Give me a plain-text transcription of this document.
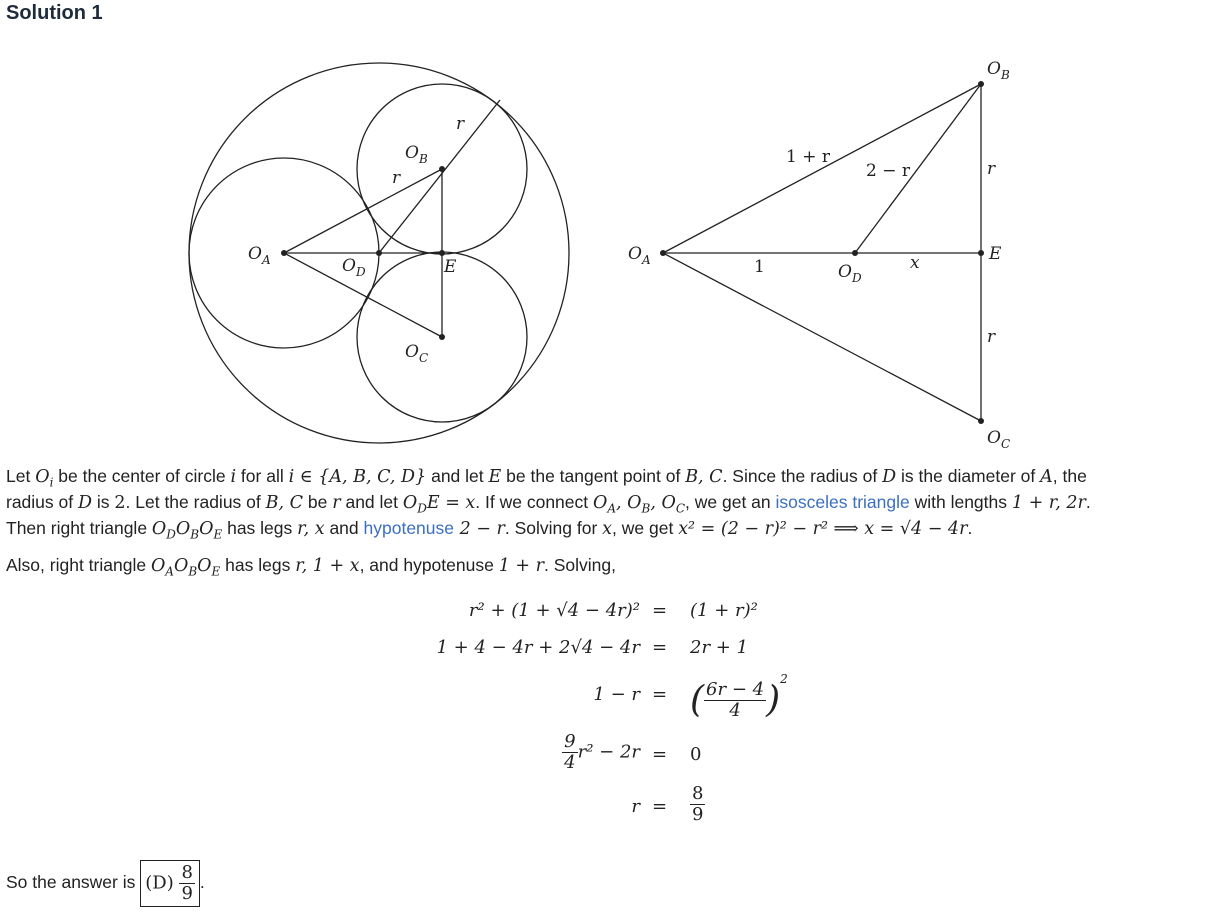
Solution 1
$O_A$
$O_B$
$O_C$
$O_D$	E
r
r
$O_A$
$O_B$
$O_C$
$O_D$
E
1 + r
2 − r	r
r
1	x
Let $O_i$ be the center of circle i for all i ∈ {A, B, C, D} and let E be the tangent point of B, C. Since the radius of D is the diameter of A, the
radius of D is 2. Let the radius of B, C be r and let $O_DE = x$. If we connect $O_A$, $O_B$, $O_C$, we get an isosceles triangle with lengths 1 + r, 2r.
Then right triangle $O_DO_BO_E$ has legs r, x and hypotenuse 2 − r. Solving for x, we get x² = (2 − r)² − r² ⟹ x = √4 − 4r.
Also, right triangle $O_AO_BO_E$ has legs r, 1 + x, and hypotenuse 1 + r. Solving,
r² + (1 + √4 − 4r)² = (1 + r)²
1 + 4 − 4r + 2√4 − 4r = 2r + 1
1 − r = ( $\frac{6r - 4}{4} )^2$
$\frac{9}{4} r^2 - 2r = 0$
$r = \frac{8}{9}$
So the answer is $(D) \frac{8}{9}$ .
